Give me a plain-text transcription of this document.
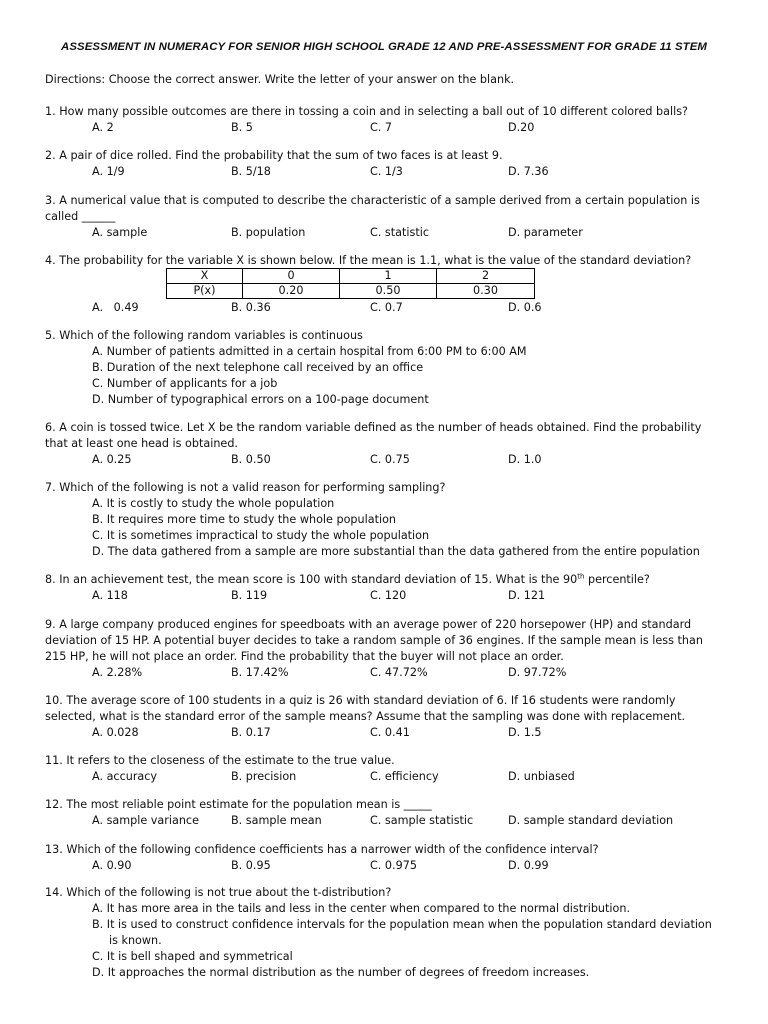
ASSESSMENT IN NUMERACY FOR SENIOR HIGH SCHOOL GRADE 12 AND PRE-ASSESSMENT FOR GRADE 11 STEM
Directions: Choose the correct answer. Write the letter of your answer on the blank.
1. How many possible outcomes are there in tossing a coin and in selecting a ball out of 10 different colored balls?
A. 2	B. 5	C. 7	D.20
2. A pair of dice rolled. Find the probability that the sum of two faces is at least 9.
A. 1/9	B. 5/18	C. 1/3	D. 7.36
3. A numerical value that is computed to describe the characteristic of a sample derived from a certain population is
called ______
A. sample	B. population	C. statistic	D. parameter
4. The probability for the variable X is shown below. If the mean is 1.1, what is the value of the standard deviation?
X	0	1	2
P(x)	0.20	0.50	0.30
A.   0.49	B. 0.36	C. 0.7	D. 0.6
5. Which of the following random variables is continuous
A. Number of patients admitted in a certain hospital from 6:00 PM to 6:00 AM
B. Duration of the next telephone call received by an office
C. Number of applicants for a job
D. Number of typographical errors on a 100-page document
6. A coin is tossed twice. Let X be the random variable defined as the number of heads obtained. Find the probability
that at least one head is obtained.
A. 0.25	B. 0.50	C. 0.75	D. 1.0
7. Which of the following is not a valid reason for performing sampling?
A. It is costly to study the whole population
B. It requires more time to study the whole population
C. It is sometimes impractical to study the whole population
D. The data gathered from a sample are more substantial than the data gathered from the entire population
8. In an achievement test, the mean score is 100 with standard deviation of 15. What is the 90th percentile?
A. 118	B. 119	C. 120	D. 121
9. A large company produced engines for speedboats with an average power of 220 horsepower (HP) and standard
deviation of 15 HP. A potential buyer decides to take a random sample of 36 engines. If the sample mean is less than
215 HP, he will not place an order. Find the probability that the buyer will not place an order.
A. 2.28%	B. 17.42%	C. 47.72%	D. 97.72%
10. The average score of 100 students in a quiz is 26 with standard deviation of 6. If 16 students were randomly
selected, what is the standard error of the sample means? Assume that the sampling was done with replacement.
A. 0.028	B. 0.17	C. 0.41	D. 1.5
11. It refers to the closeness of the estimate to the true value.
A. accuracy	B. precision	C. efficiency	D. unbiased
12. The most reliable point estimate for the population mean is _____
A. sample variance	B. sample mean	C. sample statistic	D. sample standard deviation
13. Which of the following confidence coefficients has a narrower width of the confidence interval?
A. 0.90	B. 0.95	C. 0.975	D. 0.99
14. Which of the following is not true about the t-distribution?
A. It has more area in the tails and less in the center when compared to the normal distribution.
B. It is used to construct confidence intervals for the population mean when the population standard deviation
is known.
C. It is bell shaped and symmetrical
D. It approaches the normal distribution as the number of degrees of freedom increases.
